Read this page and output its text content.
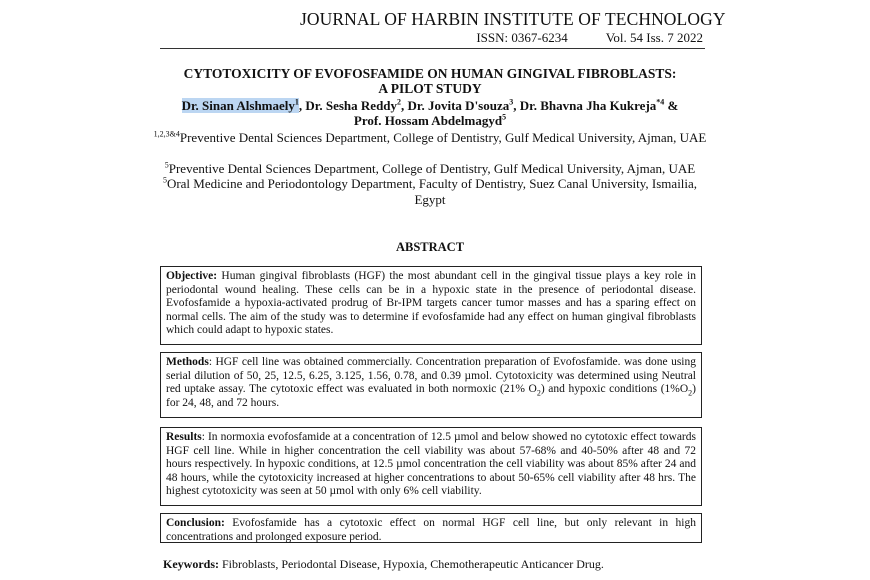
JOURNAL OF HARBIN INSTITUTE OF TECHNOLOGY
ISSN: 0367-6234	Vol. 54 Iss. 7 2022
CYTOTOXICITY OF EVOFOSFAMIDE ON HUMAN GINGIVAL FIBROBLASTS:
A PILOT STUDY
Dr. Sinan Alshmaely$^1$, Dr. Sesha Reddy$^2$, Dr. Jovita D'souza$^3$, Dr. Bhavna Jha Kukreja$^{*4}$ &
Prof. Hossam Abdelmagyd$^5$
$^{1,2,3\&4}$Preventive Dental Sciences Department, College of Dentistry, Gulf Medical University, Ajman, UAE
$^5$Preventive Dental Sciences Department, College of Dentistry, Gulf Medical University, Ajman, UAE
$^5$Oral Medicine and Periodontology Department, Faculty of Dentistry, Suez Canal University, Ismailia, Egypt
ABSTRACT
Objective: Human gingival fibroblasts (HGF) the most abundant cell in the gingival tissue plays a key role in periodontal wound healing. These cells can be in a hypoxic state in the presence of periodontal disease. Evofosfamide a hypoxia-activated prodrug of Br-IPM targets cancer tumor masses and has a sparing effect on normal cells. The aim of the study was to determine if evofosfamide had any effect on human gingival fibroblasts which could adapt to hypoxic states.
Methods: HGF cell line was obtained commercially. Concentration preparation of Evofosfamide. was done using serial dilution of 50, 25, 12.5, 6.25, 3.125, 1.56, 0.78, and 0.39 µmol. Cytotoxicity was determined using Neutral red uptake assay. The cytotoxic effect was evaluated in both normoxic (21% $O_2$) and hypoxic conditions $(1\%O_2)$ for 24, 48, and 72 hours.
Results: In normoxia evofosfamide at a concentration of 12.5 µmol and below showed no cytotoxic effect towards HGF cell line. While in higher concentration the cell viability was about 57-68% and 40-50% after 48 and 72 hours respectively. In hypoxic conditions, at 12.5 µmol concentration the cell viability was about 85% after 24 and 48 hours, while the cytotoxicity increased at higher concentrations to about 50-65% cell viability after 48 hrs. The highest cytotoxicity was seen at 50 µmol with only 6% cell viability.
Conclusion: Evofosfamide has a cytotoxic effect on normal HGF cell line, but only relevant in high concentrations and prolonged exposure period.
Keywords: Fibroblasts, Periodontal Disease, Hypoxia, Chemotherapeutic Anticancer Drug.
